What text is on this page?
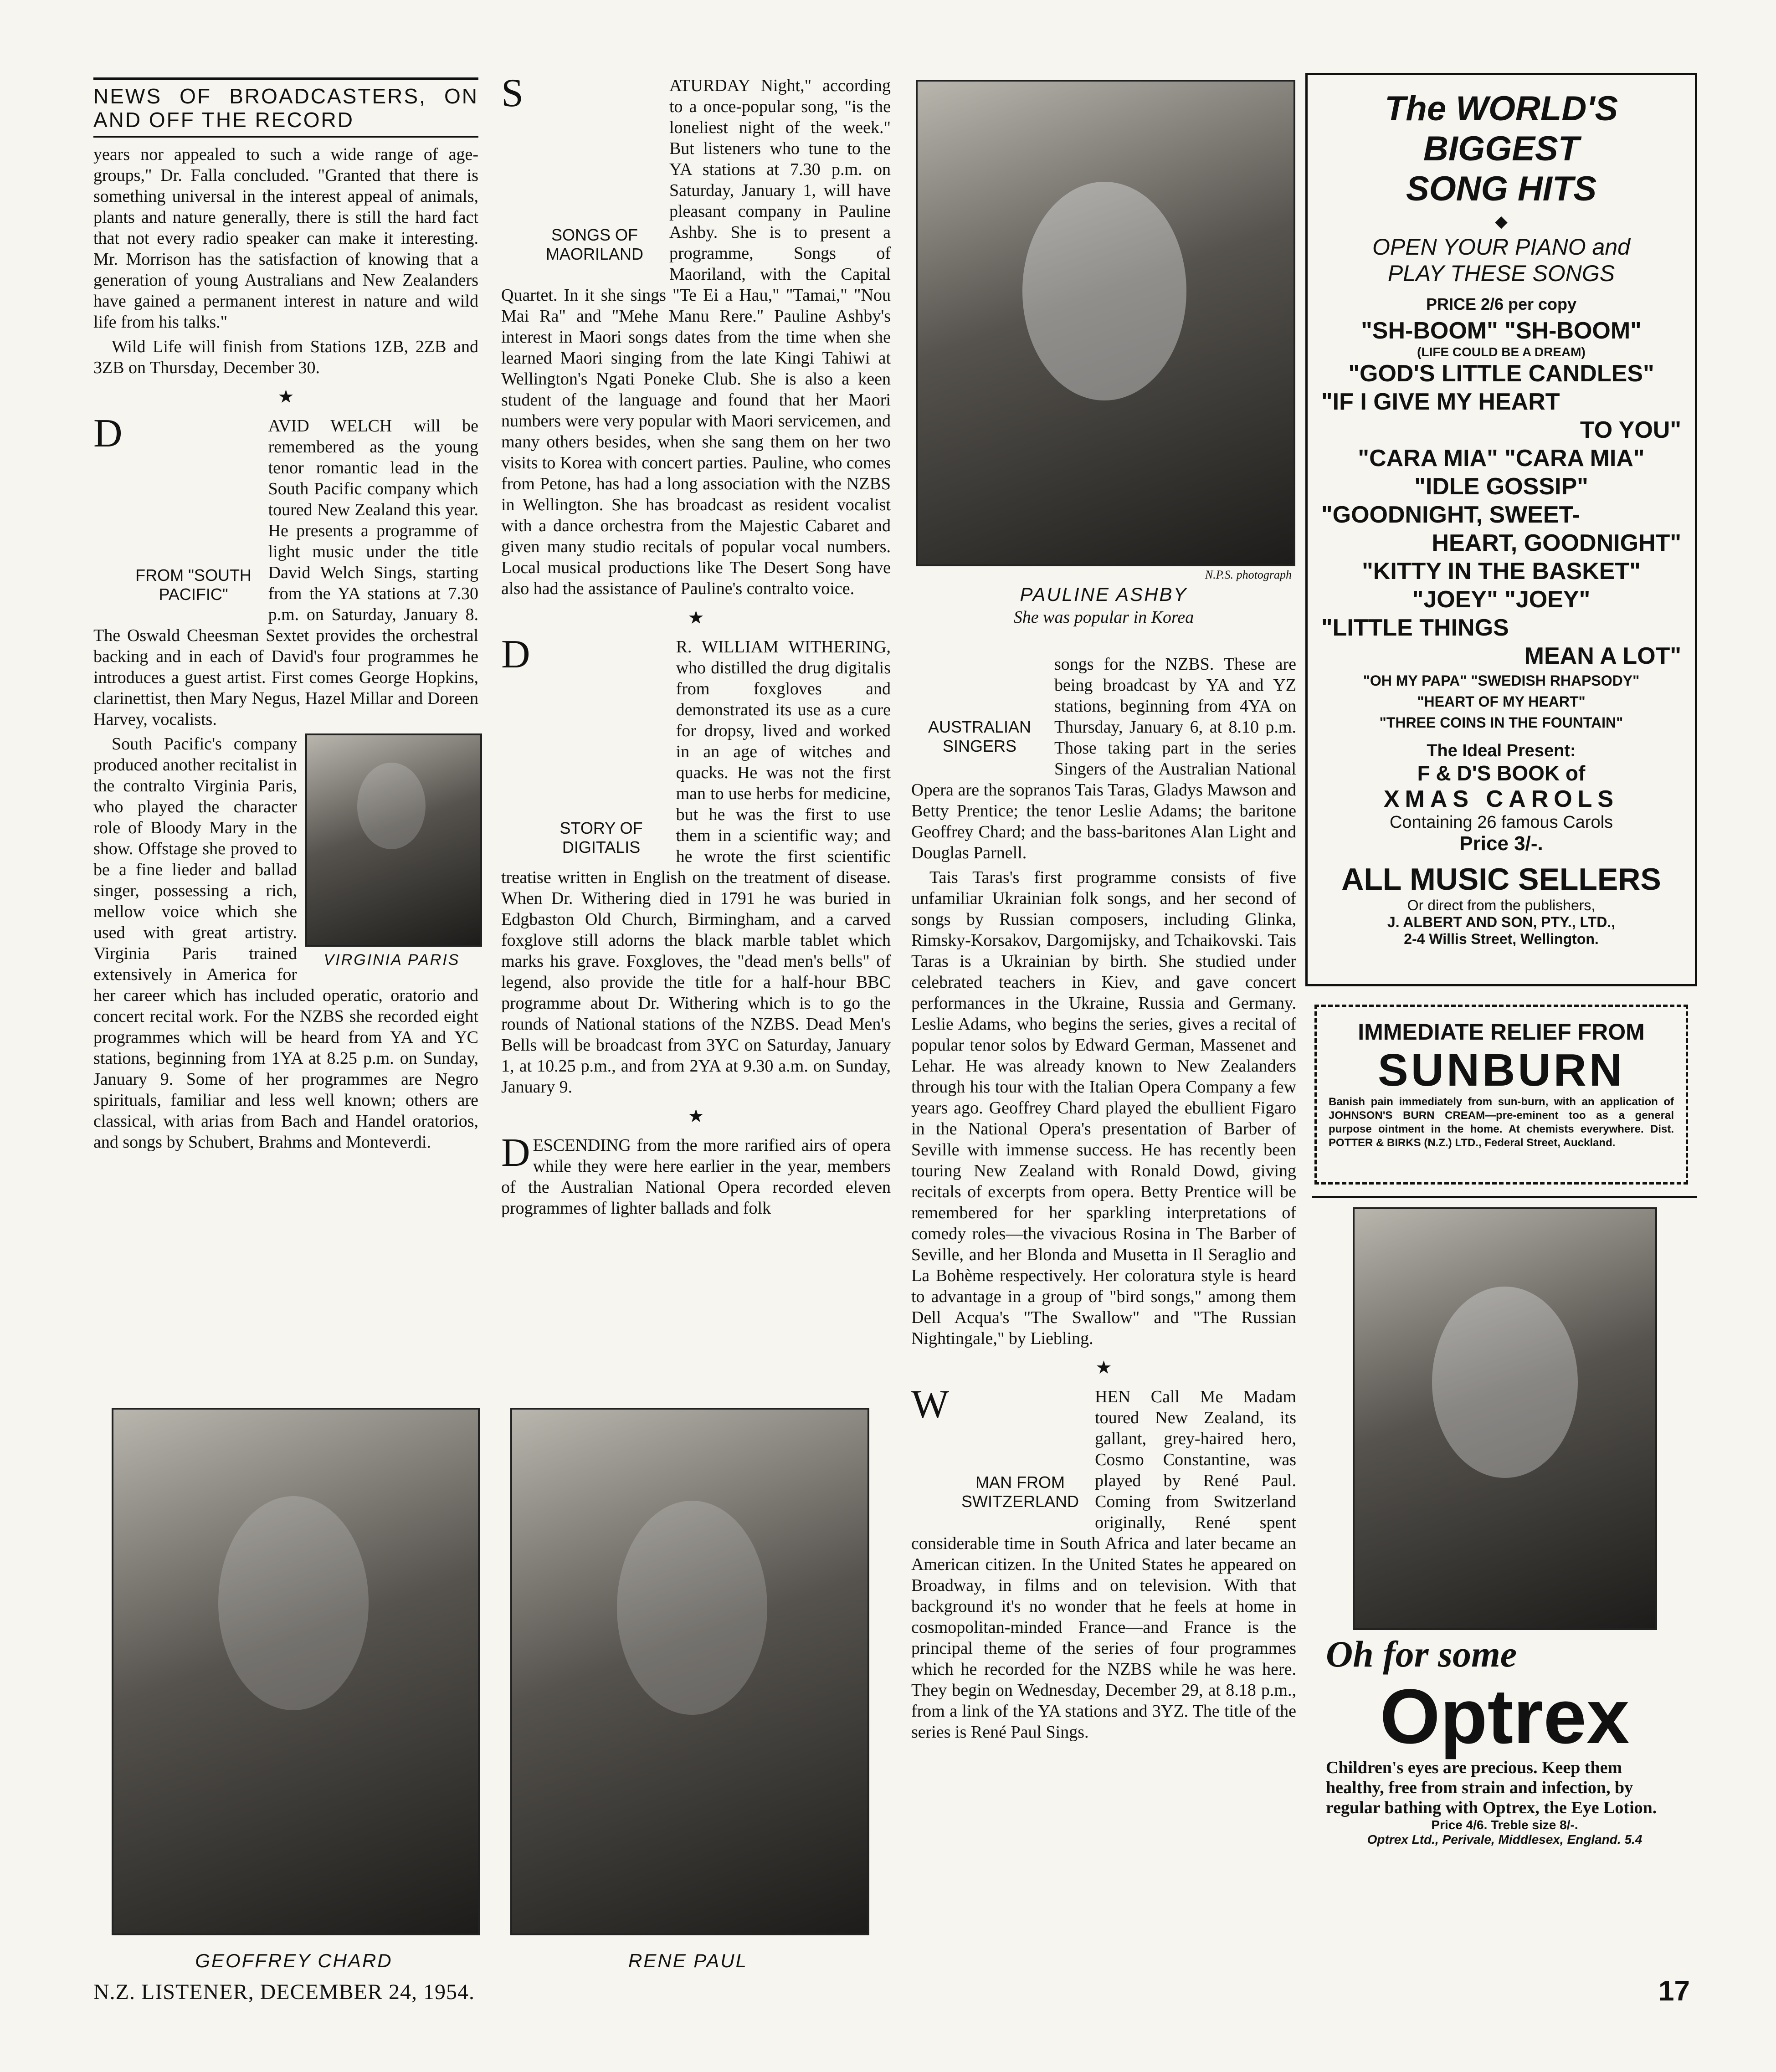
NEWS OF BROADCASTERS, ON AND OFF THE RECORD

years nor appealed to such a wide range of age-groups," Dr. Falla concluded. "Granted that there is something universal in the interest appeal of animals, plants and nature generally, there is still the hard fact that not every radio speaker can make it interesting. Mr. Morrison has the satisfaction of knowing that a generation of young Australians and New Zealanders have gained a permanent interest in nature and wild life from his talks."

Wild Life will finish from Stations 1ZB, 2ZB and 3ZB on Thursday, December 30.

★

D
FROM "SOUTH PACIFIC"
AVID WELCH will be remembered as the young tenor romantic lead in the South Pacific company which toured New Zealand this year. He presents a programme of light music under the title David Welch Sings, starting from the YA stations at 7.30 p.m. on Saturday, January 8. The Oswald Cheesman Sextet provides the orchestral backing and in each of David's four programmes he introduces a guest artist. First comes George Hopkins, clarinettist, then Mary Negus, Hazel Millar and Doreen Harvey, vocalists.

VIRGINIA PARIS

South Pacific's company produced another recitalist in the contralto Virginia Paris, who played the character role of Bloody Mary in the show. Offstage she proved to be a fine lieder and ballad singer, possessing a rich, mellow voice which she used with great artistry. Virginia Paris trained extensively in America for her career which has included operatic, oratorio and concert recital work. For the NZBS she recorded eight programmes which will be heard from YA and YC stations, beginning from 1YA at 8.25 p.m. on Sunday, January 9. Some of her programmes are Negro spirituals, familiar and less well known; others are classical, with arias from Bach and Handel oratorios, and songs by Schubert, Brahms and Monteverdi.

S
SONGS OF MAORILAND
ATURDAY Night," according to a once-popular song, "is the loneliest night of the week." But listeners who tune to the YA stations at 7.30 p.m. on Saturday, January 1, will have pleasant company in Pauline Ashby. She is to present a programme, Songs of Maoriland, with the Capital Quartet. In it she sings "Te Ei a Hau," "Tamai," "Nou Mai Ra" and "Mehe Manu Rere." Pauline Ashby's interest in Maori songs dates from the time when she learned Maori singing from the late Kingi Tahiwi at Wellington's Ngati Poneke Club. She is also a keen student of the language and found that her Maori numbers were very popular with Maori servicemen, and many others besides, when she sang them on her two visits to Korea with concert parties. Pauline, who comes from Petone, has had a long association with the NZBS in Wellington. She has broadcast as resident vocalist with a dance orchestra from the Majestic Cabaret and given many studio recitals of popular vocal numbers. Local musical productions like The Desert Song have also had the assistance of Pauline's contralto voice.

★

D
STORY OF DIGITALIS
R. WILLIAM WITHERING, who distilled the drug digitalis from foxgloves and demonstrated its use as a cure for dropsy, lived and worked in an age of witches and quacks. He was not the first man to use herbs for medicine, but he was the first to use them in a scientific way; and he wrote the first scientific treatise written in English on the treatment of disease. When Dr. Withering died in 1791 he was buried in Edgbaston Old Church, Birmingham, and a carved foxglove still adorns the black marble tablet which marks his grave. Foxgloves, the "dead men's bells" of legend, also provide the title for a half-hour BBC programme about Dr. Withering which is to go the rounds of National stations of the NZBS. Dead Men's Bells will be broadcast from 3YC on Saturday, January 1, at 10.25 p.m., and from 2YA at 9.30 a.m. on Sunday, January 9.

★

D ESCENDING from the more rarified airs of opera while they were here earlier in the year, members of the Australian National Opera recorded eleven programmes of lighter ballads and folk

N.P.S. photograph
PAULINE ASHBY
She was popular in Korea

AUSTRALIAN SINGERS
songs for the NZBS. These are being broadcast by YA and YZ stations, beginning from 4YA on Thursday, January 6, at 8.10 p.m. Those taking part in the series Singers of the Australian National Opera are the sopranos Tais Taras, Gladys Mawson and Betty Prentice; the tenor Leslie Adams; the baritone Geoffrey Chard; and the bass-baritones Alan Light and Douglas Parnell.

Tais Taras's first programme consists of five unfamiliar Ukrainian folk songs, and her second of songs by Russian composers, including Glinka, Rimsky-Korsakov, Dargomijsky, and Tchaikovski. Tais Taras is a Ukrainian by birth. She studied under celebrated teachers in Kiev, and gave concert performances in the Ukraine, Russia and Germany. Leslie Adams, who begins the series, gives a recital of popular tenor solos by Edward German, Massenet and Lehar. He was already known to New Zealanders through his tour with the Italian Opera Company a few years ago. Geoffrey Chard played the ebullient Figaro in the National Opera's presentation of Barber of Seville with immense success. He has recently been touring New Zealand with Ronald Dowd, giving recitals of excerpts from opera. Betty Prentice will be remembered for her sparkling interpretations of comedy roles—the vivacious Rosina in The Barber of Seville, and her Blonda and Musetta in Il Seraglio and La Bohème respectively. Her coloratura style is heard to advantage in a group of "bird songs," among them Dell Acqua's "The Swallow" and "The Russian Nightingale," by Liebling.

★

W
MAN FROM SWITZERLAND
HEN Call Me Madam toured New Zealand, its gallant, grey-haired hero, Cosmo Constantine, was played by René Paul. Coming from Switzerland originally, René spent considerable time in South Africa and later became an American citizen. In the United States he appeared on Broadway, in films and on television. With that background it's no wonder that he feels at home in cosmopolitan-minded France—and France is the principal theme of the series of four programmes which he recorded for the NZBS while he was here. They begin on Wednesday, December 29, at 8.18 p.m., from a link of the YA stations and 3YZ. The title of the series is René Paul Sings.

GEOFFREY CHARD	RENE PAUL
N.Z. LISTENER, DECEMBER 24, 1954.	17
The WORLD'S BIGGEST
SONG HITS
◆
OPEN YOUR PIANO and
PLAY THESE SONGS
PRICE 2/6 per copy
"SH-BOOM" "SH-BOOM"
(LIFE COULD BE A DREAM)
"GOD'S LITTLE CANDLES"
"IF I GIVE MY HEART
TO YOU"
"CARA MIA" "CARA MIA"
"IDLE GOSSIP"
"GOODNIGHT, SWEET-
HEART, GOODNIGHT"
"KITTY IN THE BASKET"
"JOEY" "JOEY"
"LITTLE THINGS
MEAN A LOT"
"OH MY PAPA" "SWEDISH RHAPSODY"
"HEART OF MY HEART"
"THREE COINS IN THE FOUNTAIN"
The Ideal Present:
F & D'S BOOK of
XMAS CAROLS
Containing 26 famous Carols
Price 3/-.
ALL MUSIC SELLERS
Or direct from the publishers,
J. ALBERT AND SON, PTY., LTD.,
2-4 Willis Street, Wellington.
IMMEDIATE RELIEF FROM
SUNBURN
Banish pain immediately from sun-burn, with an application of JOHNSON'S BURN CREAM—pre-eminent too as a general purpose ointment in the home. At chemists everywhere. Dist. POTTER & BIRKS (N.Z.) LTD., Federal Street, Auckland.
Oh for some
Optrex
Children's eyes are precious. Keep them healthy, free from strain and infection, by regular bathing with Optrex, the Eye Lotion.
Price 4/6. Treble size 8/-.
Optrex Ltd., Perivale, Middlesex, England. 5.4
